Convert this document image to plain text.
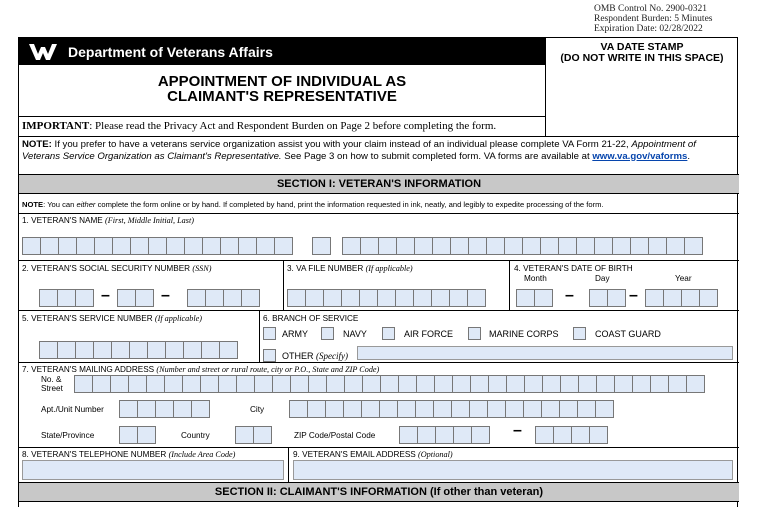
OMB Control No. 2900-0321
Respondent Burden: 5 Minutes
Expiration Date: 02/28/2022
Department of Veterans Affairs	VA DATE STAMP
(DO NOT WRITE IN THIS SPACE)
APPOINTMENT OF INDIVIDUAL AS
CLAIMANT'S REPRESENTATIVE
IMPORTANT: Please read the Privacy Act and Respondent Burden on Page 2 before completing the form.
NOTE: If you prefer to have a veterans service organization assist you with your claim instead of an individual please complete VA Form 21-22, Appointment of Veterans Service Organization as Claimant's Representative. See Page 3 on how to submit completed form. VA forms are available at www.va.gov/vaforms.
SECTION I: VETERAN'S INFORMATION
NOTE: You can either complete the form online or by hand. If completed by hand, print the information requested in ink, neatly, and legibly to expedite processing of the form.
1. VETERAN'S NAME (First, Middle Initial, Last)
2. VETERAN'S SOCIAL SECURITY NUMBER (SSN)
–	–
3. VA FILE NUMBER (If applicable)	4. VETERAN'S DATE OF BIRTH
Month	Day	Year
–	–
5. VETERAN'S SERVICE NUMBER (If applicable)	6. BRANCH OF SERVICE
ARMY	NAVY	AIR FORCE	MARINE CORPS	COAST GUARD
OTHER (Specify)
7. VETERAN'S MAILING ADDRESS (Number and street or rural route, city or P.O., State and ZIP Code)
No. &
Street
Apt./Unit Number	City
State/Province	Country	ZIP Code/Postal Code	–
8. VETERAN'S TELEPHONE NUMBER (Include Area Code)	9. VETERAN'S EMAIL ADDRESS (Optional)
SECTION II: CLAIMANT'S INFORMATION (If other than veteran)
